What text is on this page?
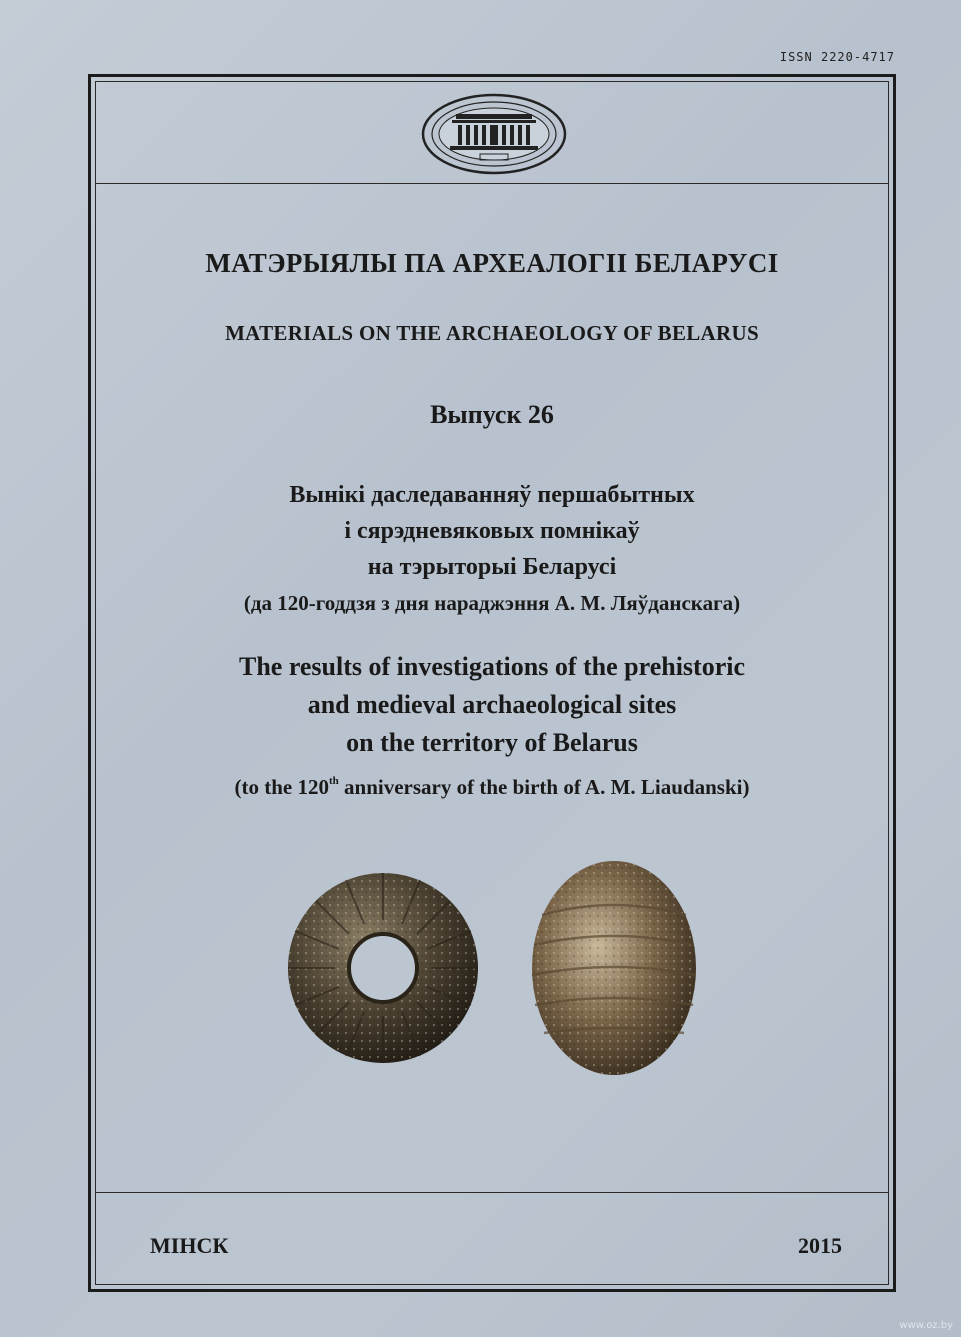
ISSN 2220-4717
МАТЭРЫЯЛЫ ПА АРХЕАЛОГІІ БЕЛАРУСІ
MATERIALS ON THE ARCHAEOLOGY OF BELARUS
Выпуск 26
Вынікі даследаванняў першабытных
і сярэдневяковых помнікаў
на тэрыторыі Беларусі
(да 120-годдзя з дня нараджэння А. М. Ляўданскага)
The results of investigations of the prehistoric
and medieval archaeological sites
on the territory of Belarus
(to the 120th anniversary of the birth of A. M. Liaudanski)
МІНСК	2015
www.oz.by
